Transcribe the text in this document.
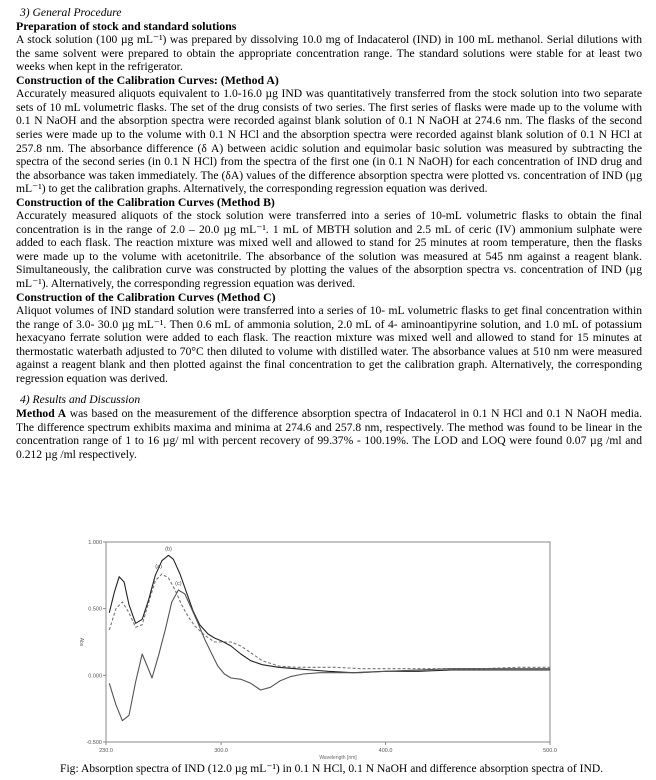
3) General Procedure

Preparation of stock and standard solutions

A stock solution (100 µg mL⁻¹) was prepared by dissolving 10.0 mg of Indacaterol (IND) in 100 mL methanol. Serial dilutions with the same solvent were prepared to obtain the appropriate concentration range. The standard solutions were stable for at least two weeks when kept in the refrigerator.

Construction of the Calibration Curves: (Method A)

Accurately measured aliquots equivalent to 1.0-16.0 µg IND was quantitatively transferred from the stock solution into two separate sets of 10 mL volumetric flasks. The set of the drug consists of two series. The first series of flasks were made up to the volume with 0.1 N NaOH and the absorption spectra were recorded against blank solution of 0.1 N NaOH at 274.6 nm. The flasks of the second series were made up to the volume with 0.1 N HCl and the absorption spectra were recorded against blank solution of 0.1 N HCl at 257.8 nm. The absorbance difference (δ A) between acidic solution and equimolar basic solution was measured by subtracting the spectra of the second series (in 0.1 N HCl) from the spectra of the first one (in 0.1 N NaOH) for each concentration of IND drug and the absorbance was taken immediately. The (δA) values of the difference absorption spectra were plotted vs. concentration of IND (µg mL⁻¹) to get the calibration graphs. Alternatively, the corresponding regression equation was derived.

Construction of the Calibration Curves (Method B)

Accurately measured aliquots of the stock solution were transferred into a series of 10-mL volumetric flasks to obtain the final concentration is in the range of 2.0 – 20.0 µg mL⁻¹. 1 mL of MBTH solution and 2.5 mL of ceric (IV) ammonium sulphate were added to each flask. The reaction mixture was mixed well and allowed to stand for 25 minutes at room temperature, then the flasks were made up to the volume with acetonitrile. The absorbance of the solution was measured at 545 nm against a reagent blank. Simultaneously, the calibration curve was constructed by plotting the values of the absorption spectra vs. concentration of IND (µg mL⁻¹). Alternatively, the corresponding regression equation was derived.

Construction of the Calibration Curves (Method C)

Aliquot volumes of IND standard solution were transferred into a series of 10- mL volumetric flasks to get final concentration within the range of 3.0- 30.0 µg mL⁻¹. Then 0.6 mL of ammonia solution, 2.0 mL of 4- aminoantipyrine solution, and 1.0 mL of potassium hexacyano ferrate solution were added to each flask. The reaction mixture was mixed well and allowed to stand for 15 minutes at thermostatic waterbath adjusted to 70°C then diluted to volume with distilled water. The absorbance values at 510 nm were measured against a reagent blank and then plotted against the final concentration to get the calibration graph. Alternatively, the corresponding regression equation was derived.

4) Results and Discussion

Method A was based on the measurement of the difference absorption spectra of Indacaterol in 0.1 N HCl and 0.1 N NaOH media. The difference spectrum exhibits maxima and minima at 274.6 and 257.8 nm, respectively. The method was found to be linear in the concentration range of 1 to 16 µg/ ml with percent recovery of 99.37% - 100.19%. The LOD and LOQ were found 0.07 µg /ml and 0.212 µg /ml respectively.

1.000
0.500
0.000
-0.500
230.0	300.0	400.0	500.0
Wavelength [nm]
Abs
(a)
(b)
(c)
Fig: Absorption spectra of IND (12.0 µg mL⁻¹) in 0.1 N HCl, 0.1 N NaOH and difference absorption spectra of IND.
